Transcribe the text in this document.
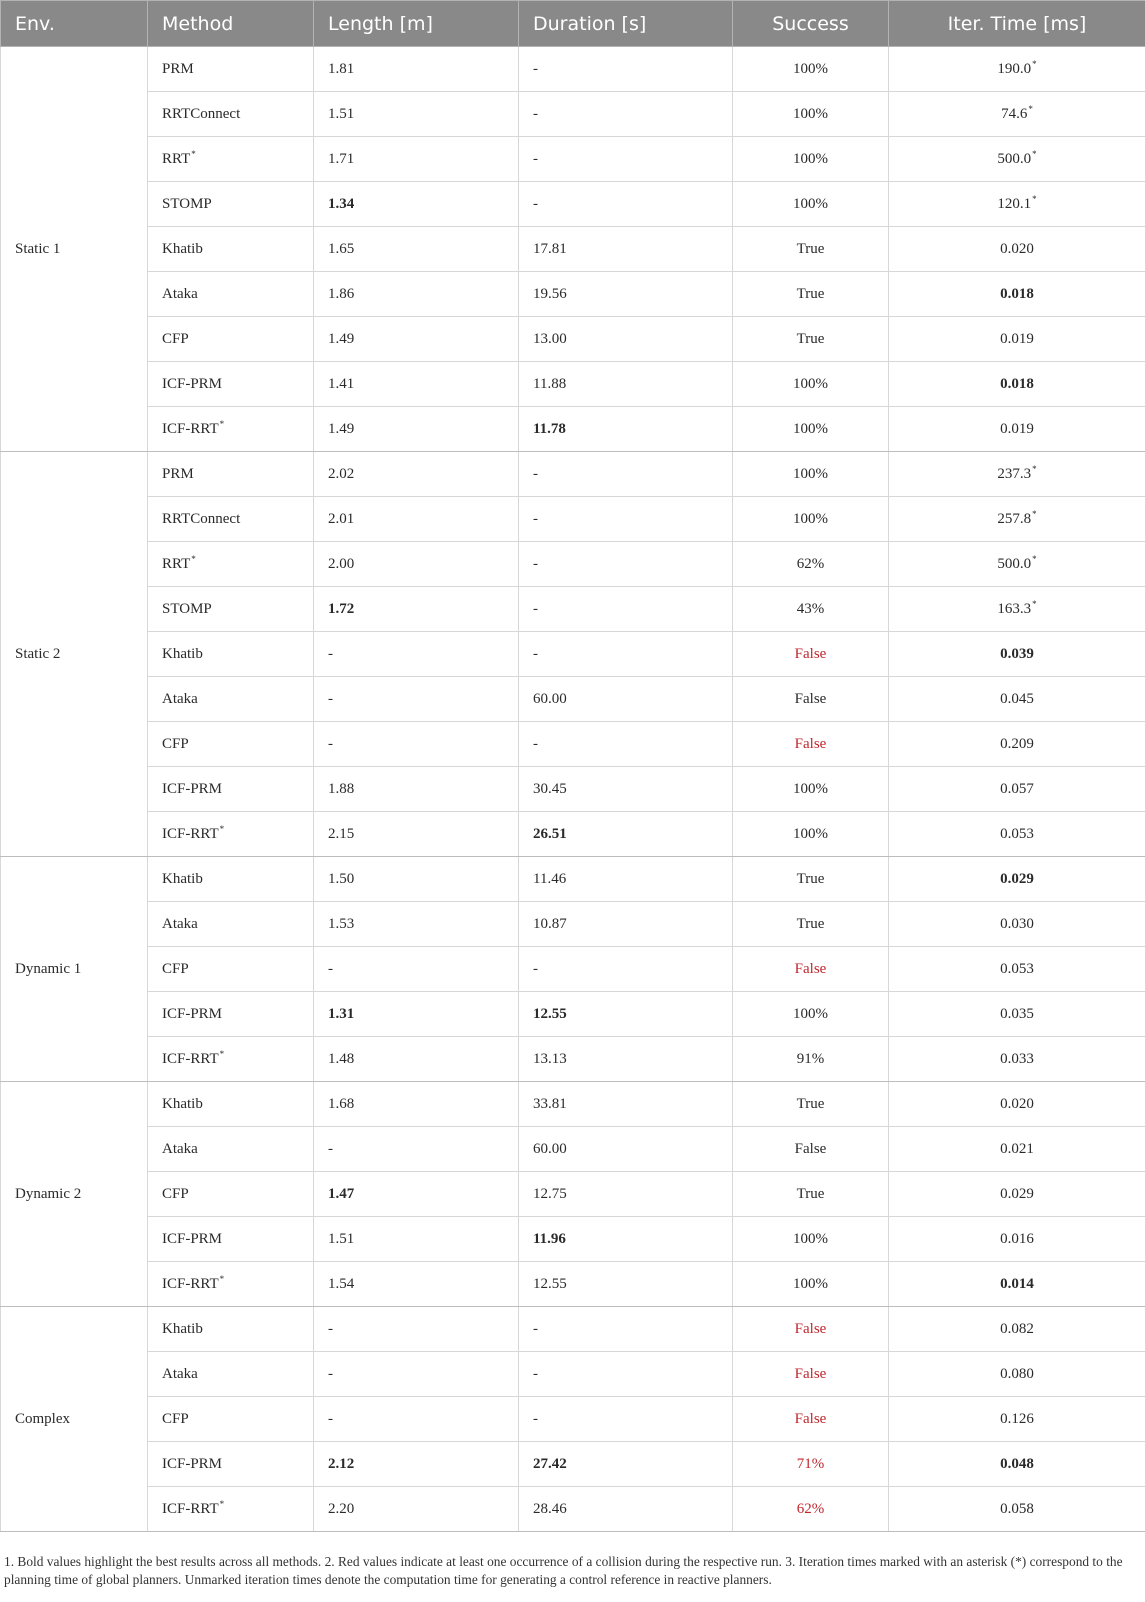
Env.	Method	Length [m]	Duration [s]	Success	Iter. Time [ms]
Static 1	PRM	1.81	-	100%	190.0*
	RRTConnect	1.51	-	100%	74.6*
	RRT*	1.71	-	100%	500.0*
	STOMP	1.34	-	100%	120.1*
	Khatib	1.65	17.81	True	0.020
	Ataka	1.86	19.56	True	0.018
	CFP	1.49	13.00	True	0.019
	ICF-PRM	1.41	11.88	100%	0.018
	ICF-RRT*	1.49	11.78	100%	0.019
Static 2	PRM	2.02	-	100%	237.3*
	RRTConnect	2.01	-	100%	257.8*
	RRT*	2.00	-	62%	500.0*
	STOMP	1.72	-	43%	163.3*
	Khatib	-	-	False	0.039
	Ataka	-	60.00	False	0.045
	CFP	-	-	False	0.209
	ICF-PRM	1.88	30.45	100%	0.057
	ICF-RRT*	2.15	26.51	100%	0.053
Dynamic 1	Khatib	1.50	11.46	True	0.029
	Ataka	1.53	10.87	True	0.030
	CFP	-	-	False	0.053
	ICF-PRM	1.31	12.55	100%	0.035
	ICF-RRT*	1.48	13.13	91%	0.033
Dynamic 2	Khatib	1.68	33.81	True	0.020
	Ataka	-	60.00	False	0.021
	CFP	1.47	12.75	True	0.029
	ICF-PRM	1.51	11.96	100%	0.016
	ICF-RRT*	1.54	12.55	100%	0.014
Complex	Khatib	-	-	False	0.082
	Ataka	-	-	False	0.080
	CFP	-	-	False	0.126
	ICF-PRM	2.12	27.42	71%	0.048
	ICF-RRT*	2.20	28.46	62%	0.058
1. Bold values highlight the best results across all methods. 2. Red values indicate at least one occurrence of a collision during the respective run. 3. Iteration times marked with an asterisk (*) correspond to the planning time of global planners. Unmarked iteration times denote the computation time for generating a control reference in reactive planners.
